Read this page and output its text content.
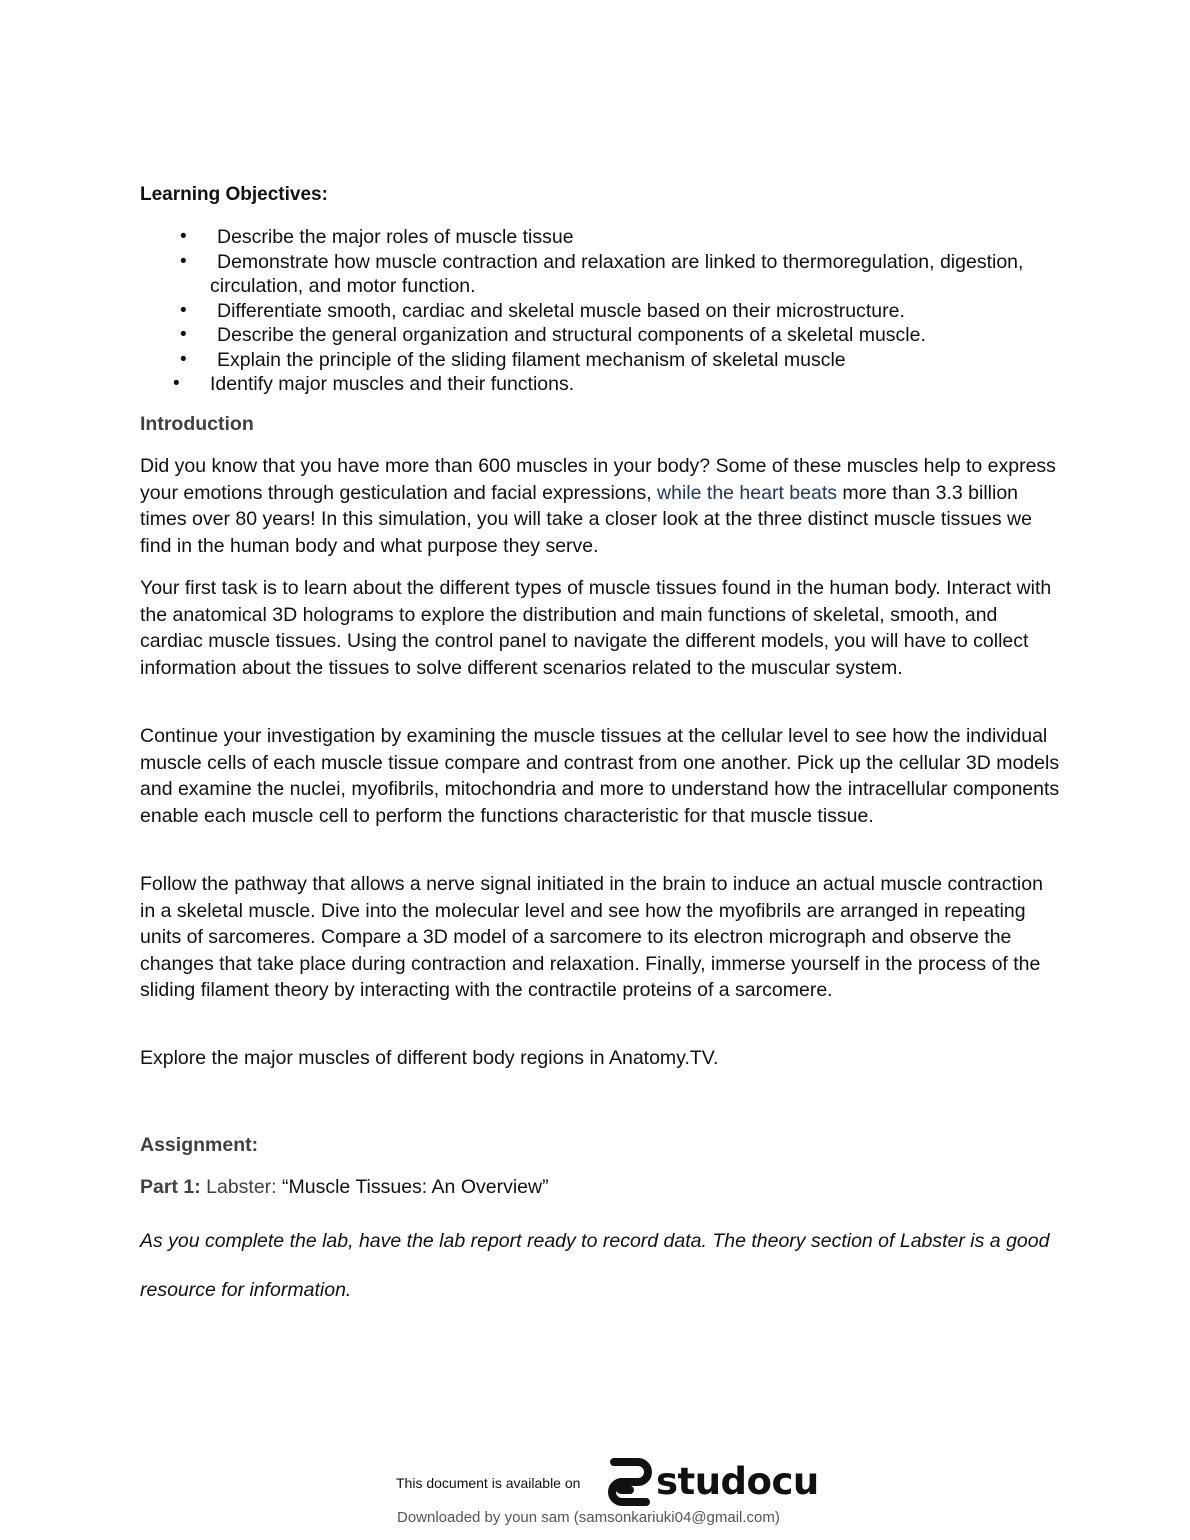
Learning Objectives:
• Describe the major roles of muscle tissue
• Demonstrate how muscle contraction and relaxation are linked to thermoregulation, digestion, circulation, and motor function.
• Differentiate smooth, cardiac and skeletal muscle based on their microstructure.
• Describe the general organization and structural components of a skeletal muscle.
• Explain the principle of the sliding filament mechanism of skeletal muscle
• Identify major muscles and their functions.
Introduction

Did you know that you have more than 600 muscles in your body? Some of these muscles help to express your emotions through gesticulation and facial expressions, while the heart beats more than 3.3 billion times over 80 years! In this simulation, you will take a closer look at the three distinct muscle tissues we find in the human body and what purpose they serve.

Your first task is to learn about the different types of muscle tissues found in the human body. Interact with the anatomical 3D holograms to explore the distribution and main functions of skeletal, smooth, and cardiac muscle tissues. Using the control panel to navigate the different models, you will have to collect information about the tissues to solve different scenarios related to the muscular system.

Continue your investigation by examining the muscle tissues at the cellular level to see how the individual muscle cells of each muscle tissue compare and contrast from one another. Pick up the cellular 3D models and examine the nuclei, myofibrils, mitochondria and more to understand how the intracellular components enable each muscle cell to perform the functions characteristic for that muscle tissue.

Follow the pathway that allows a nerve signal initiated in the brain to induce an actual muscle contraction in a skeletal muscle. Dive into the molecular level and see how the myofibrils are arranged in repeating units of sarcomeres. Compare a 3D model of a sarcomere to its electron micrograph and observe the changes that take place during contraction and relaxation. Finally, immerse yourself in the process of the sliding filament theory by interacting with the contractile proteins of a sarcomere.

Explore the major muscles of different body regions in Anatomy.TV.

Assignment:
Part 1: Labster: “Muscle Tissues: An Overview”

As you complete the lab, have the lab report ready to record data. The theory section of Labster is a good resource for information.

This document is available on studocu
Downloaded by youn sam (samsonkariuki04@gmail.com)
